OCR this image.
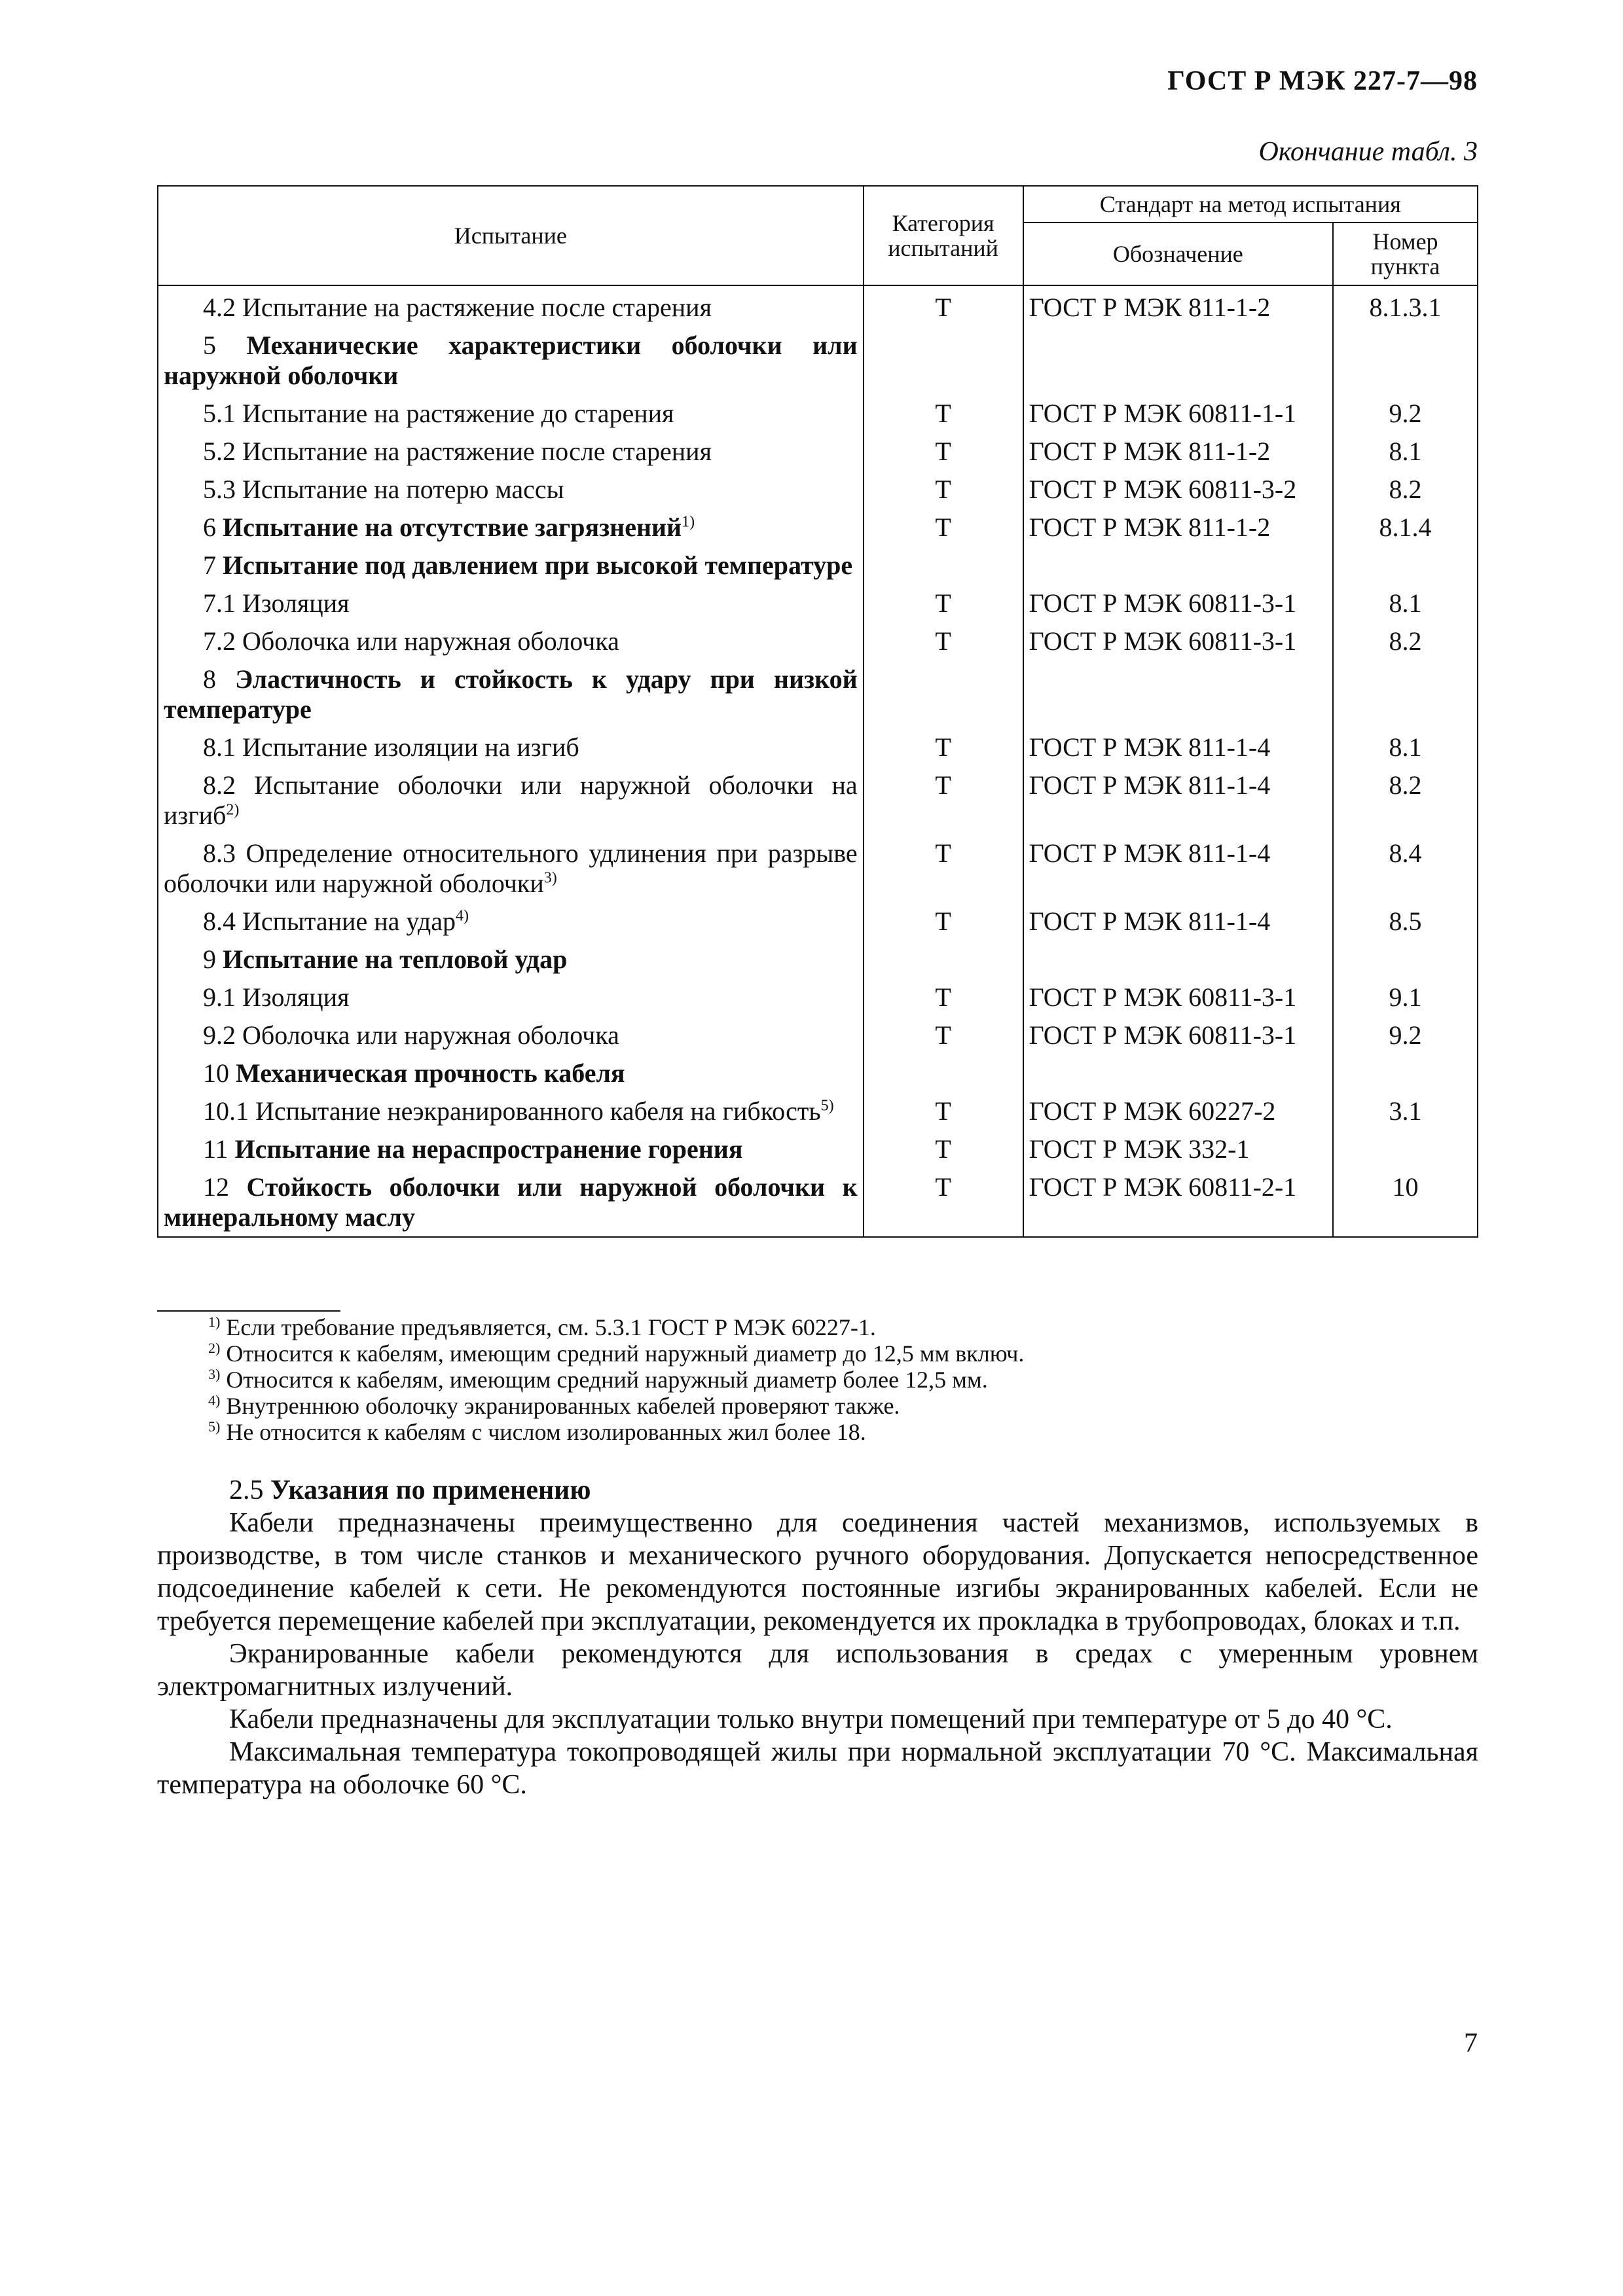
ГОСТ Р МЭК 227-7—98
Окончание табл. 3
Испытание	Категория испытаний	Стандарт на метод испытания	
		Обозначение	Номер пункта

4.2 Испытание на растяжение после старения	Т	ГОСТ Р МЭК 811-1-2	8.1.3.1

5 Механические характеристики оболочки или наружной оболочки			

5.1 Испытание на растяжение до старения	Т	ГОСТ Р МЭК 60811-1-1	9.2

5.2 Испытание на растяжение после старения	Т	ГОСТ Р МЭК 811-1-2	8.1

5.3 Испытание на потерю массы	Т	ГОСТ Р МЭК 60811-3-2	8.2

6 Испытание на отсутствие загрязнений$^{1)}$	Т	ГОСТ Р МЭК 811-1-2	8.1.4

7 Испытание под давлением при высокой температуре			

7.1 Изоляция	Т	ГОСТ Р МЭК 60811-3-1	8.1

7.2 Оболочка или наружная оболочка	Т	ГОСТ Р МЭК 60811-3-1	8.2

8 Эластичность и стойкость к удару при низкой температуре			

8.1 Испытание изоляции на изгиб	Т	ГОСТ Р МЭК 811-1-4	8.1

8.2 Испытание оболочки или наружной оболочки на изгиб$^{2)}$	Т	ГОСТ Р МЭК 811-1-4	8.2

8.3 Определение относительного удлинения при разрыве оболочки или наружной оболочки$^{3)}$	Т	ГОСТ Р МЭК 811-1-4	8.4

8.4 Испытание на удар$^{4)}$	Т	ГОСТ Р МЭК 811-1-4	8.5

9 Испытание на тепловой удар			

9.1 Изоляция	Т	ГОСТ Р МЭК 60811-3-1	9.1

9.2 Оболочка или наружная оболочка	Т	ГОСТ Р МЭК 60811-3-1	9.2

10 Механическая прочность кабеля			

10.1 Испытание неэкранированного кабеля на гибкость$^{5)}$	Т	ГОСТ Р МЭК 60227-2	3.1

11 Испытание на нераспространение горения	Т	ГОСТ Р МЭК 332-1	

12 Стойкость оболочки или наружной оболочки к минеральному маслу	Т	ГОСТ Р МЭК 60811-2-1	10
$^{1)}$ Если требование предъявляется, см. 5.3.1 ГОСТ Р МЭК 60227-1.
$^{2)}$ Относится к кабелям, имеющим средний наружный диаметр до 12,5 мм включ.
$^{3)}$ Относится к кабелям, имеющим средний наружный диаметр более 12,5 мм.
$^{4)}$ Внутреннюю оболочку экранированных кабелей проверяют также.
$^{5)}$ Не относится к кабелям с числом изолированных жил более 18.

2.5 Указания по применению

Кабели предназначены преимущественно для соединения частей механизмов, используемых в производстве, в том числе станков и механического ручного оборудования. Допускается непосредственное подсоединение кабелей к сети. Не рекомендуются постоянные изгибы экранированных кабелей. Если не требуется перемещение кабелей при эксплуатации, рекомендуется их прокладка в трубопроводах, блоках и т.п.

Экранированные кабели рекомендуются для использования в средах с умеренным уровнем электромагнитных излучений.

Кабели предназначены для эксплуатации только внутри помещений при температуре от 5 до 40 °С.

Максимальная температура токопроводящей жилы при нормальной эксплуатации 70 °С. Максимальная температура на оболочке 60 °С.

7
